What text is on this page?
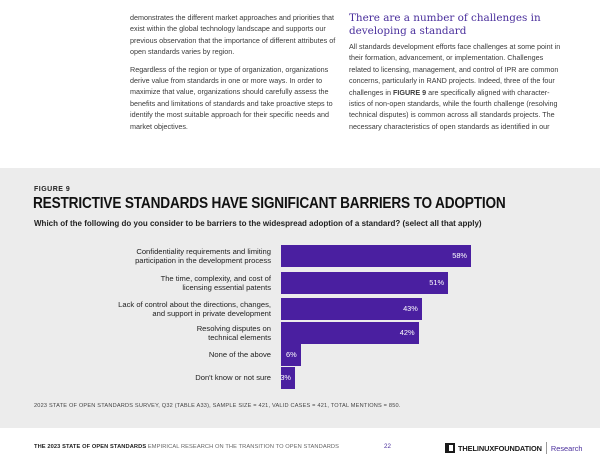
demonstrates the different market approaches and priorities that exist within the global technology landscape and supports our previous observation that the importance of different attributes of open standards varies by region.

Regardless of the region or type of organization, organizations derive value from standards in one or more ways. In order to maximize that value, organizations should carefully assess the benefits and limitations of standards and take proactive steps to identify the most suitable approach for their specific needs and market objectives.

There are a number of challenges in developing a standard

All standards development efforts face challenges at some point in their formation, advancement, or implementation. Challenges related to licensing, management, and control of IPR are common concerns, particularly in RAND projects. Indeed, three of the four challenges in FIGURE 9 are specifically aligned with character- istics of non-open standards, while the fourth challenge (resolving technical disputes) is common across all standards projects. The necessary characteristics of open standards as identified in our

FIGURE 9
RESTRICTIVE STANDARDS HAVE SIGNIFICANT BARRIERS TO ADOPTION
Which of the following do you consider to be barriers to the widespread adoption of a standard? (select all that apply)
Confidentiality requirements and limiting
participation in the development process
58%
The time, complexity, and cost of
licensing essential patents
51%
Lack of control about the directions, changes,
and support in private development
43%
Resolving disputes on
technical elements
42%
None of the above 6%
Don't know or not sure 3%
2023 STATE OF OPEN STANDARDS SURVEY, Q32 (TABLE A33), SAMPLE SIZE = 421, VALID CASES = 421, TOTAL MENTIONS = 850.
THE 2023 STATE OF OPEN STANDARDS EMPIRICAL RESEARCH ON THE TRANSITION TO OPEN STANDARDS	22	THELINUXFOUNDATION Research
